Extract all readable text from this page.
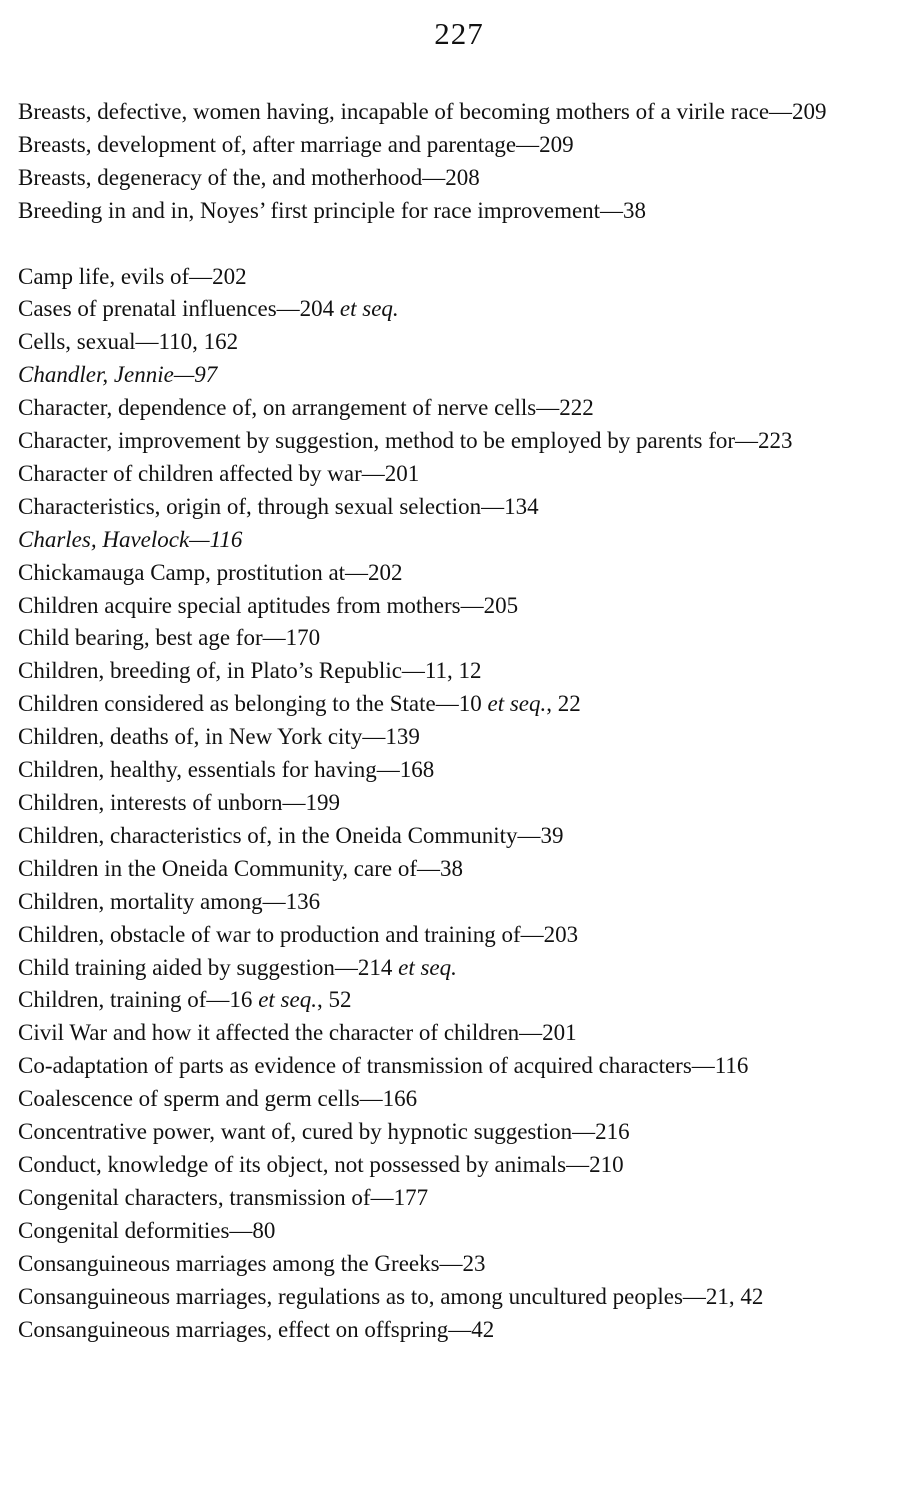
227
Breasts, defective, women having, incapable of becoming mothers of a virile race—209
Breasts, development of, after marriage and parentage—209
Breasts, degeneracy of the, and motherhood—208
Breeding in and in, Noyes’ first principle for race improvement—38
Camp life, evils of—202
Cases of prenatal influences—204 et seq.
Cells, sexual—110, 162
Chandler, Jennie—97
Character, dependence of, on arrangement of nerve cells—222
Character, improvement by suggestion, method to be employed by parents for—223
Character of children affected by war—201
Characteristics, origin of, through sexual selection—134
Charles, Havelock—116
Chickamauga Camp, prostitution at—202
Children acquire special aptitudes from mothers—205
Child bearing, best age for—170
Children, breeding of, in Plato’s Republic—11, 12
Children considered as belonging to the State—10 et seq., 22
Children, deaths of, in New York city—139
Children, healthy, essentials for having—168
Children, interests of unborn—199
Children, characteristics of, in the Oneida Community—39
Children in the Oneida Community, care of—38
Children, mortality among—136
Children, obstacle of war to production and training of—203
Child training aided by suggestion—214 et seq.
Children, training of—16 et seq., 52
Civil War and how it affected the character of children—201
Co-adaptation of parts as evidence of transmission of acquired characters—116
Coalescence of sperm and germ cells—166
Concentrative power, want of, cured by hypnotic suggestion—216
Conduct, knowledge of its object, not possessed by animals—210
Congenital characters, transmission of—177
Congenital deformities—80
Consanguineous marriages among the Greeks—23
Consanguineous marriages, regulations as to, among uncultured peoples—21, 42
Consanguineous marriages, effect on offspring—42
